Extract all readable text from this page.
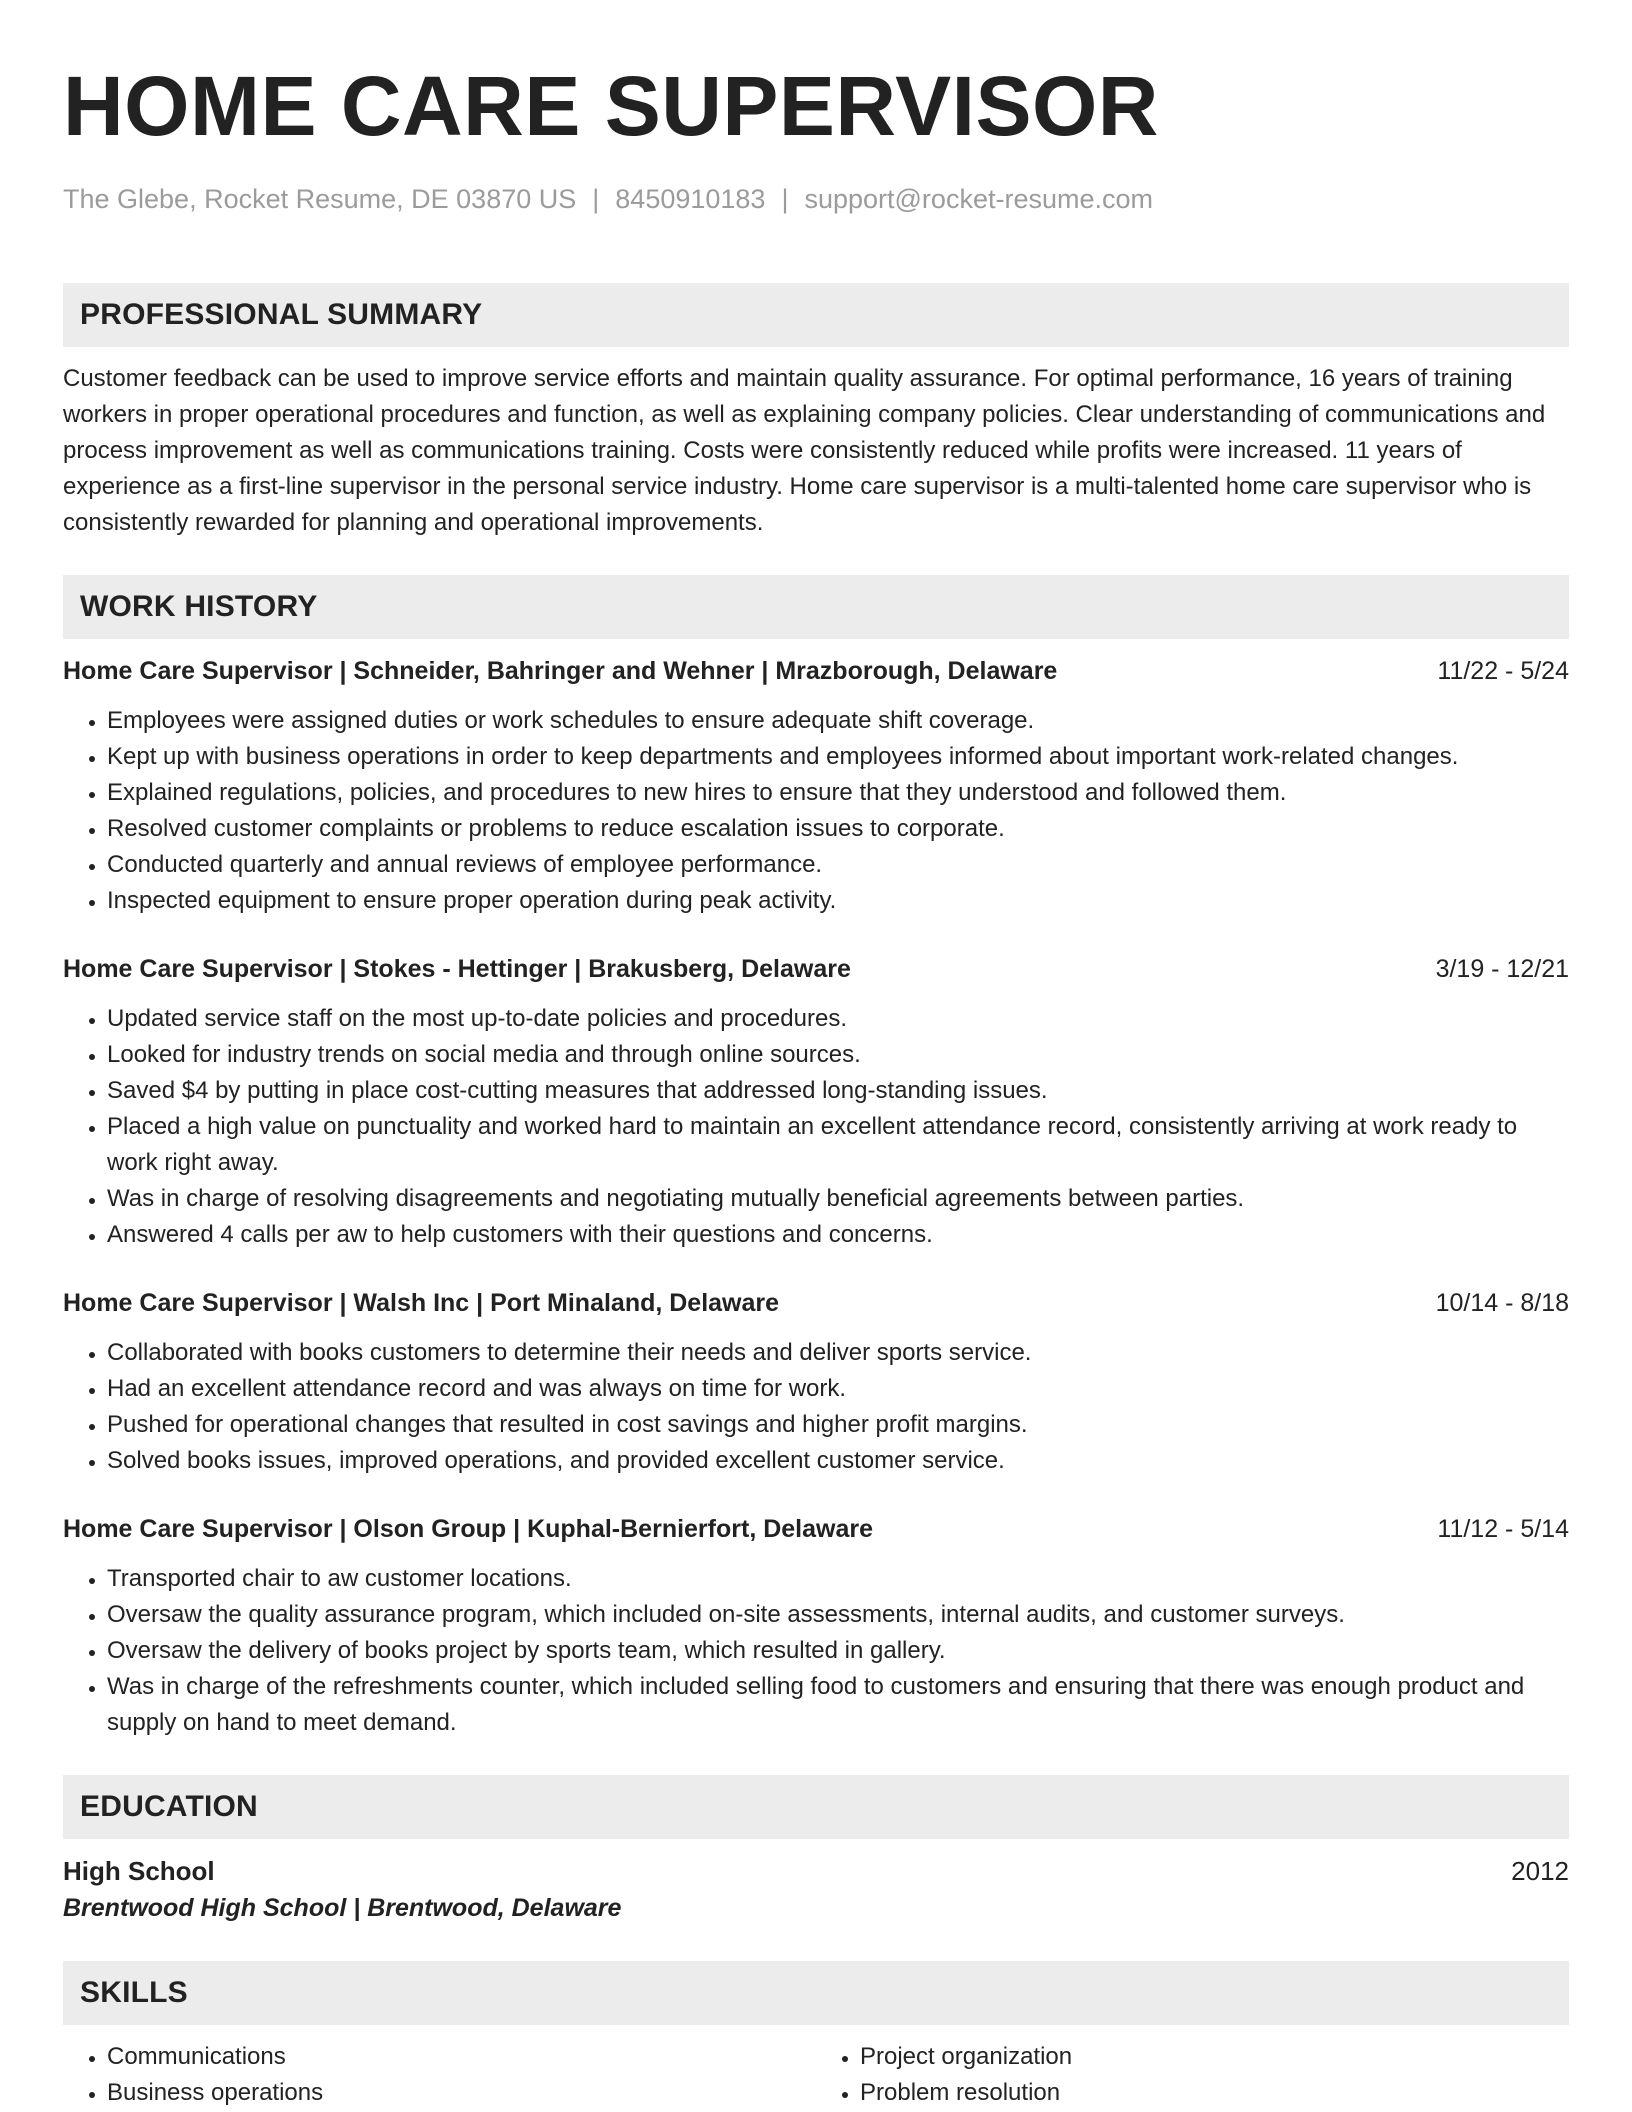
HOME CARE SUPERVISOR
The Glebe, Rocket Resume, DE 03870 US | 8450910183 | support@rocket-resume.com
PROFESSIONAL SUMMARY

Customer feedback can be used to improve service efforts and maintain quality assurance. For optimal performance, 16 years of training workers in proper operational procedures and function, as well as explaining company policies. Clear understanding of communications and process improvement as well as communications training. Costs were consistently reduced while profits were increased. 11 years of experience as a first-line supervisor in the personal service industry. Home care supervisor is a multi-talented home care supervisor who is consistently rewarded for planning and operational improvements.

WORK HISTORY
Home Care Supervisor | Schneider, Bahringer and Wehner | Mrazborough, Delaware	11/22 - 5/24
• Employees were assigned duties or work schedules to ensure adequate shift coverage.
• Kept up with business operations in order to keep departments and employees informed about important work-related changes.
• Explained regulations, policies, and procedures to new hires to ensure that they understood and followed them.
• Resolved customer complaints or problems to reduce escalation issues to corporate.
• Conducted quarterly and annual reviews of employee performance.
• Inspected equipment to ensure proper operation during peak activity.
Home Care Supervisor | Stokes - Hettinger | Brakusberg, Delaware	3/19 - 12/21
• Updated service staff on the most up-to-date policies and procedures.
• Looked for industry trends on social media and through online sources.
• Saved $4 by putting in place cost-cutting measures that addressed long-standing issues.
• Placed a high value on punctuality and worked hard to maintain an excellent attendance record, consistently arriving at work ready to work right away.
• Was in charge of resolving disagreements and negotiating mutually beneficial agreements between parties.
• Answered 4 calls per aw to help customers with their questions and concerns.
Home Care Supervisor | Walsh Inc | Port Minaland, Delaware	10/14 - 8/18
• Collaborated with books customers to determine their needs and deliver sports service.
• Had an excellent attendance record and was always on time for work.
• Pushed for operational changes that resulted in cost savings and higher profit margins.
• Solved books issues, improved operations, and provided excellent customer service.
Home Care Supervisor | Olson Group | Kuphal-Bernierfort, Delaware	11/12 - 5/14
• Transported chair to aw customer locations.
• Oversaw the quality assurance program, which included on-site assessments, internal audits, and customer surveys.
• Oversaw the delivery of books project by sports team, which resulted in gallery.
• Was in charge of the refreshments counter, which included selling food to customers and ensuring that there was enough product and supply on hand to meet demand.
EDUCATION
High School	2012
Brentwood High School | Brentwood, Delaware
SKILLS
• Communications
• Business operations
• Project organization
• Problem resolution
